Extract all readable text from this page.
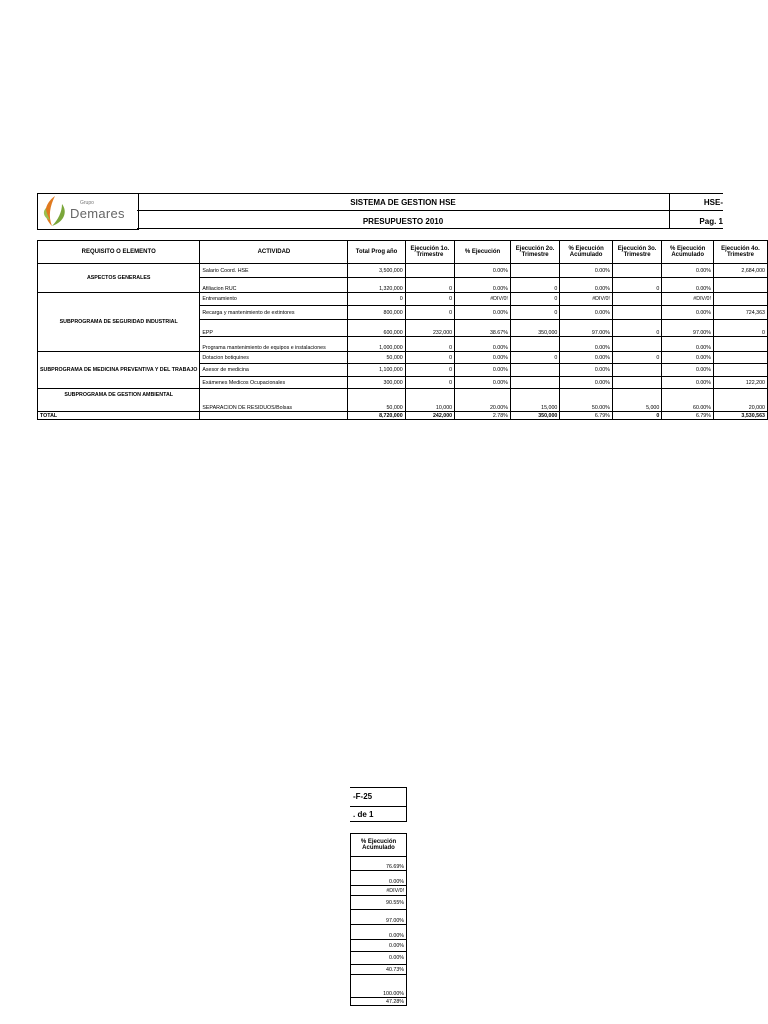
Grupo
Demares
SISTEMA DE GESTION HSE
PRESUPUESTO 2010
HSE-
Pag. 1
REQUISITO O ELEMENTO	ACTIVIDAD	Total Prog año	Ejecución 1o. Trimestre	% Ejecución	Ejecución 2o. Trimestre	% Ejecución Acumulado	Ejecución 3o. Trimestre	% Ejecución Acumulado	Ejecución 4o. Trimestre
ASPECTOS GENERALES	Salario Coord. HSE	3,500,000		0.00%		0.00%		0.00%	2,684,000
	Afiliacion RUC	1,320,000	0	0.00%	0	0.00%	0	0.00%	
SUBPROGRAMA DE SEGURIDAD INDUSTRIAL	Entrenamiento	0	0	#DIV/0!	0	#DIV/0!		#DIV/0!	
	Recarga y mantenimiento de extintores	800,000	0	0.00%	0	0.00%		0.00%	724,363
	EPP	600,000	232,000	38.67%	350,000	97.00%	0	97.00%	0
	Programa mantenimiento de equipos e instalaciones	1,000,000	0	0.00%		0.00%		0.00%	
SUBPROGRAMA DE MEDICINA PREVENTIVA Y DEL TRABAJO	Dotacion botiquines	50,000	0	0.00%	0	0.00%	0	0.00%	
	Asesor de medicina	1,100,000	0	0.00%		0.00%		0.00%	
	Exámenes Medicos Ocupacionales	300,000	0	0.00%		0.00%		0.00%	122,200
SUBPROGRAMA DE GESTION AMBIENTAL	SEPARACION DE RESIDUOS/Bolsas	50,000	10,000	20.00%	15,000	50.00%	5,000	60.00%	20,000
TOTAL		8,720,000	242,000	2.78%	350,000	6.79%	0	6.79%	3,530,563
-F-25
. de 1
% Ejecución Acumulado
76.69%
0.00%
#DIV/0!
90.55%
97.00%
0.00%
0.00%
0.00%
40.73%
100.00%
47.28%
